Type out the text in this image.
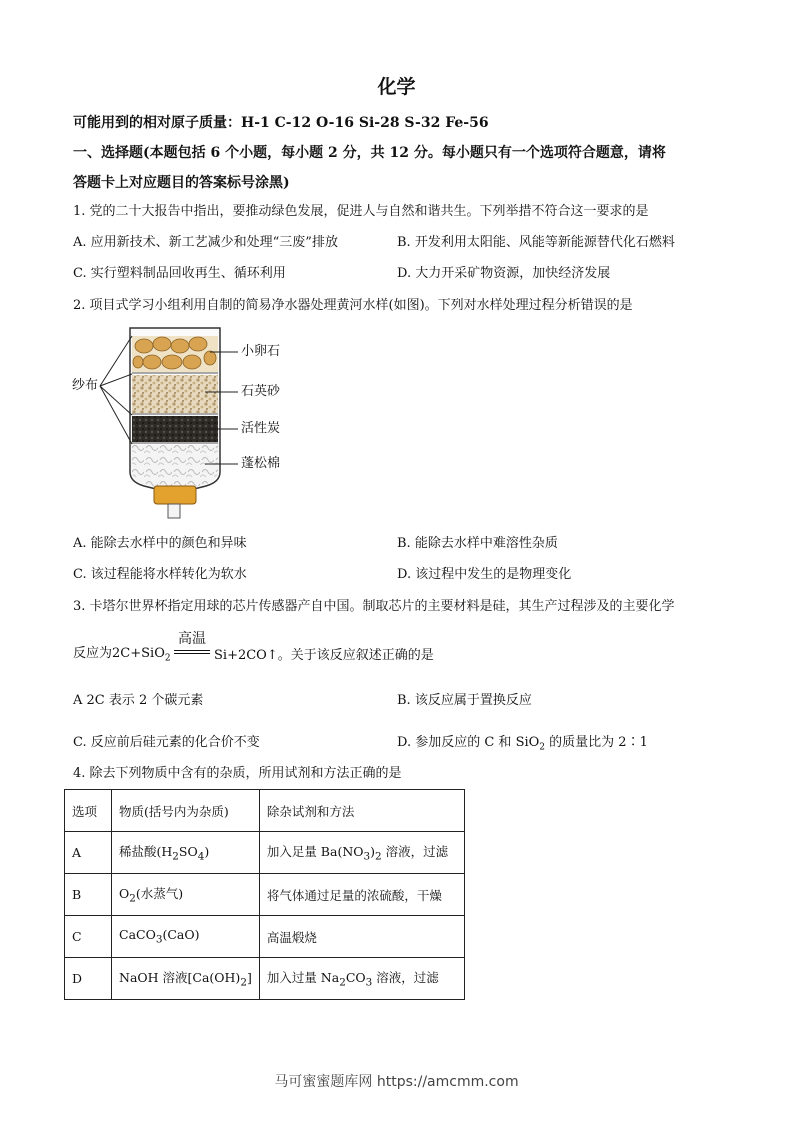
化学
可能用到的相对原子质量：H-1 C-12 O-16 Si-28 S-32 Fe-56
一、选择题(本题包括 6 个小题，每小题 2 分，共 12 分。每小题只有一个选项符合题意，请将
答题卡上对应题目的答案标号涂黑)
1. 党的二十大报告中指出，要推动绿色发展，促进人与自然和谐共生。下列举措不符合这一要求的是
A. 应用新技术、新工艺减少和处理“三废”排放	B. 开发利用太阳能、风能等新能源替代化石燃料
C. 实行塑料制品回收再生、循环利用	D. 大力开采矿物资源，加快经济发展
2. 项目式学习小组利用自制的简易净水器处理黄河水样(如图)。下列对水样处理过程分析错误的是
纱布
小卵石
石英砂
活性炭
蓬松棉
A. 能除去水样中的颜色和异味	B. 能除去水样中难溶性杂质
C. 该过程能将水样转化为软水	D. 该过程中发生的是物理变化
3. 卡塔尔世界杯指定用球的芯片传感器产自中国。制取芯片的主要材料是硅，其生产过程涉及的主要化学
反应为2C+SiO$_2$
高温
Si+2CO↑。关于该反应叙述正确的是
A 2C 表示 2 个碳元素	B. 该反应属于置换反应
C. 反应前后硅元素的化合价不变	D. 参加反应的 C 和 SiO$_2$ 的质量比为 2∶1
4. 除去下列物质中含有的杂质，所用试剂和方法正确的是
选项	物质(括号内为杂质)	除杂试剂和方法
A	稀盐酸$(H_2SO_4)$	加入足量 $Ba(NO_3)_2$ 溶液，过滤
B	$O_2$(水蒸气)	将气体通过足量的浓硫酸，干燥
C	CaCO$_3$(CaO)	高温煅烧
D	NaOH 溶液$[Ca(OH)_2]$	加入过量 $Na_2CO_3$ 溶液，过滤
马可蜜蜜题库网 https://amcmm.com
